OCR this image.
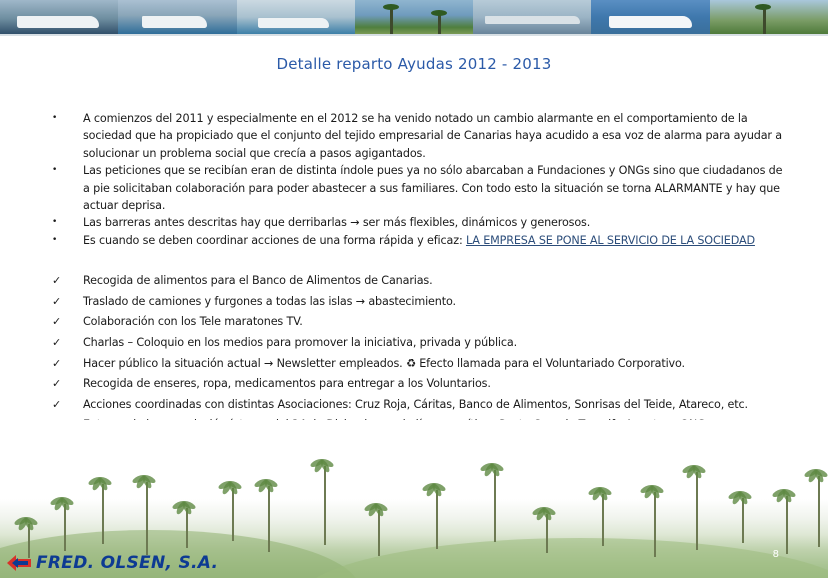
Detalle reparto Ayudas 2012 - 2013
•	A comienzos del 2011 y especialmente en el 2012 se ha venido notado un cambio alarmante en el comportamiento de la sociedad que ha propiciado que el conjunto del tejido empresarial de Canarias haya acudido a esa voz de alarma para ayudar a solucionar un problema social que crecía a pasos agigantados.
•	Las peticiones que se recibían eran de distinta índole pues ya no sólo abarcaban a Fundaciones y ONGs sino que ciudadanos de a pie solicitaban colaboración para poder abastecer a sus familiares. Con todo esto la situación se torna ALARMANTE y hay que actuar deprisa.
•	Las barreras antes descritas hay que derribarlas → ser más flexibles, dinámicos y generosos.
•	Es cuando se deben coordinar acciones de una forma rápida y eficaz: LA EMPRESA SE PONE AL SERVICIO DE LA SOCIEDAD
✓	Recogida de alimentos para el Banco de Alimentos de Canarias.
✓	Traslado de camiones y furgones a todas las islas → abastecimiento.
✓	Colaboración con los Tele maratones TV.
✓	Charlas – Coloquio en los medios para promover la iniciativa, privada y pública.
✓	Hacer público la situación actual → Newsletter empleados. ♻ Efecto llamada para el Voluntariado Corporativo.
✓	Recogida de enseres, ropa, medicamentos para entregar a los Voluntarios.
✓	Acciones coordinadas con distintas Asociaciones: Cruz Roja, Cáritas, Banco de Alimentos, Sonrisas del Teide, Atareco, etc.
8
FRED. OLSEN, S.A.
